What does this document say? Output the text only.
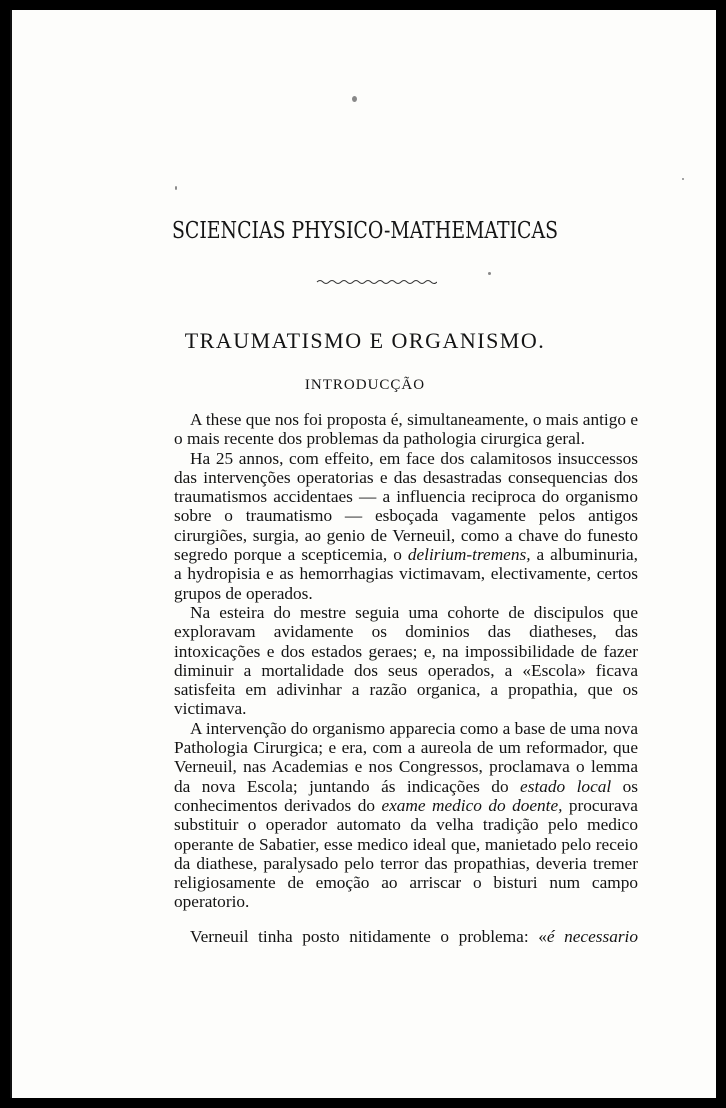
SCIENCIAS PHYSICO-MATHEMATICAS
TRAUMATISMO E ORGANISMO.
INTRODUCÇÃO

A these que nos foi proposta é, simultaneamente, o mais antigo e o mais recente dos problemas da pathologia cirurgica geral.

Ha 25 annos, com effeito, em face dos calamitosos insuccessos das intervenções operatorias e das desastradas consequencias dos traumatismos accidentaes — a influencia reciproca do organismo sobre o traumatismo — esboçada vagamente pelos antigos cirurgiões, surgia, ao genio de Verneuil, como a chave do funesto segredo porque a scepticemia, o delirium-tremens, a albuminuria, a hydropisia e as hemorrhagias victimavam, electivamente, certos grupos de operados.

Na esteira do mestre seguia uma cohorte de discipulos que exploravam avidamente os dominios das diatheses, das intoxicações e dos estados geraes; e, na impossibilidade de fazer diminuir a mortalidade dos seus operados, a «Escola» ficava satisfeita em adivinhar a razão organica, a propathia, que os victimava.

A intervenção do organismo apparecia como a base de uma nova Pathologia Cirurgica; e era, com a aureola de um reformador, que Verneuil, nas Academias e nos Congressos, proclamava o lemma da nova Escola; juntando ás indicações do estado local os conhecimentos derivados do exame medico do doente, procurava substituir o operador automato da velha tradição pelo medico operante de Sabatier, esse medico ideal que, manietado pelo receio da diathese, paralysado pelo terror das propathias, deveria tremer religiosamente de emoção ao arriscar o bisturi num campo operatorio.

Verneuil tinha posto nitidamente o problema: «é necessario
